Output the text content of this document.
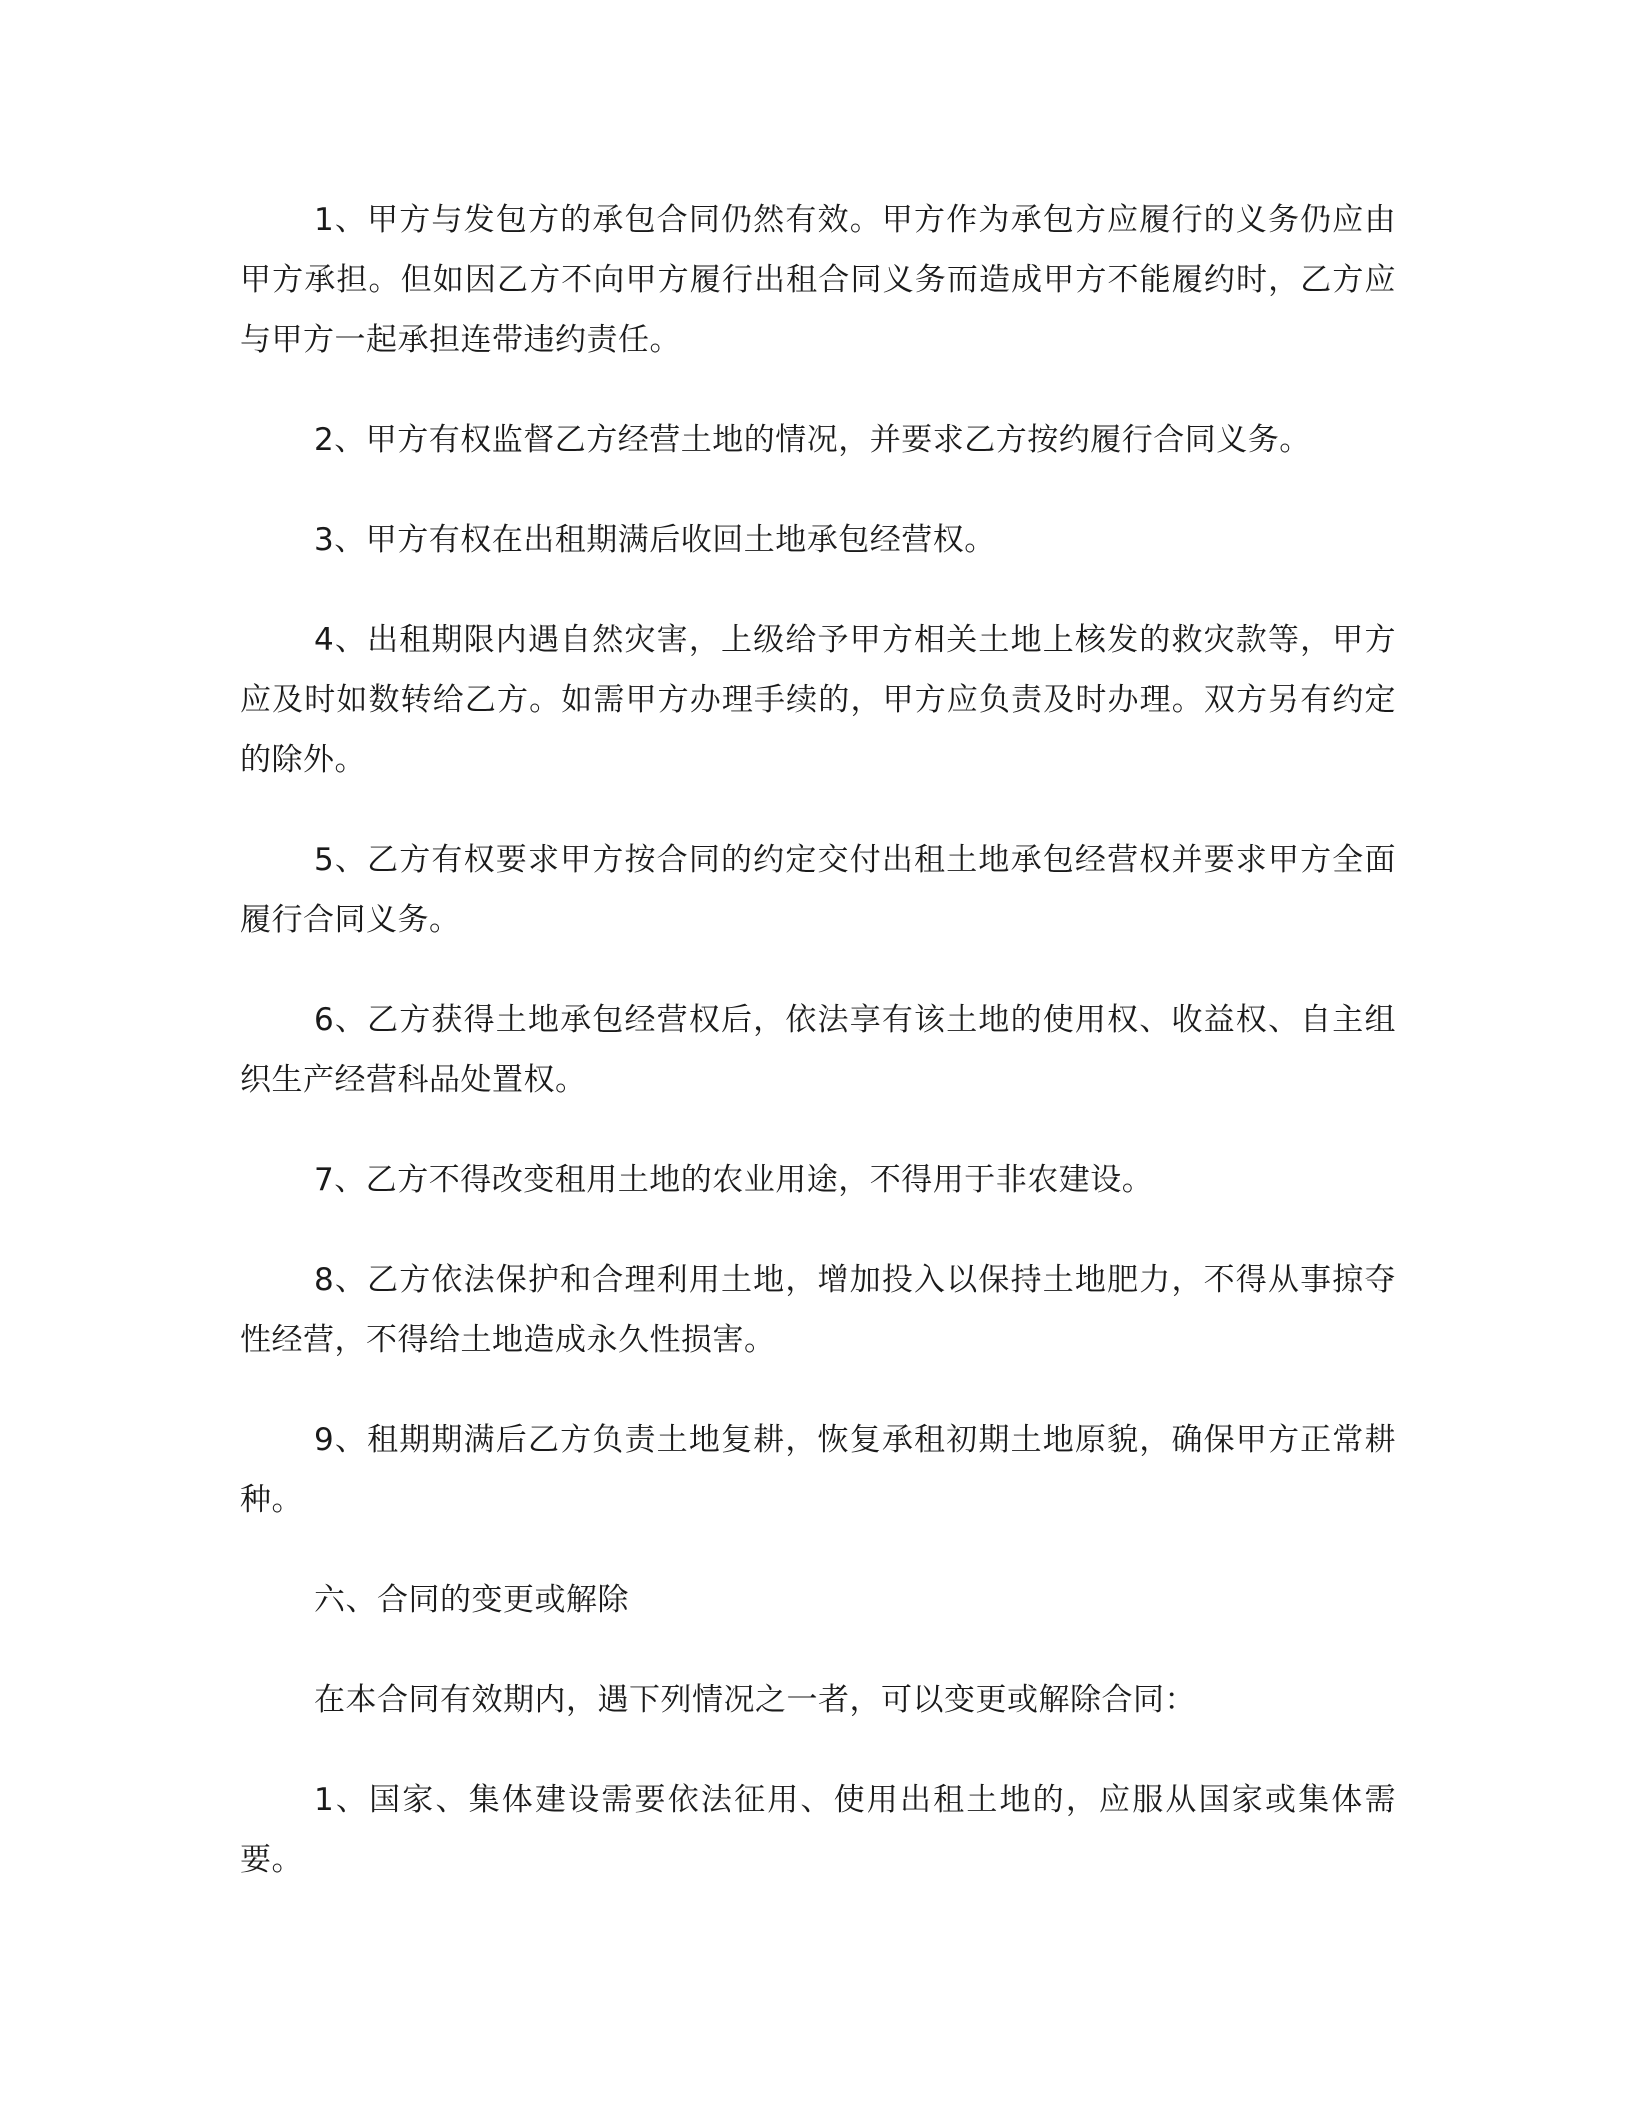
1、甲方与发包方的承包合同仍然有效。甲方作为承包方应履行的义务仍应由甲方承担。但如因乙方不向甲方履行出租合同义务而造成甲方不能履约时，乙方应与甲方一起承担连带违约责任。

2、甲方有权监督乙方经营土地的情况，并要求乙方按约履行合同义务。

3、甲方有权在出租期满后收回土地承包经营权。

4、出租期限内遇自然灾害，上级给予甲方相关土地上核发的救灾款等，甲方应及时如数转给乙方。如需甲方办理手续的，甲方应负责及时办理。双方另有约定的除外。

5、乙方有权要求甲方按合同的约定交付出租土地承包经营权并要求甲方全面履行合同义务。

6、乙方获得土地承包经营权后，依法享有该土地的使用权、收益权、自主组织生产经营科品处置权。

7、乙方不得改变租用土地的农业用途，不得用于非农建设。

8、乙方依法保护和合理利用土地，增加投入以保持土地肥力，不得从事掠夺性经营，不得给土地造成永久性损害。

9、租期期满后乙方负责土地复耕，恢复承租初期土地原貌，确保甲方正常耕种。

六、合同的变更或解除

在本合同有效期内，遇下列情况之一者，可以变更或解除合同：

1、国家、集体建设需要依法征用、使用出租土地的，应服从国家或集体需要。
